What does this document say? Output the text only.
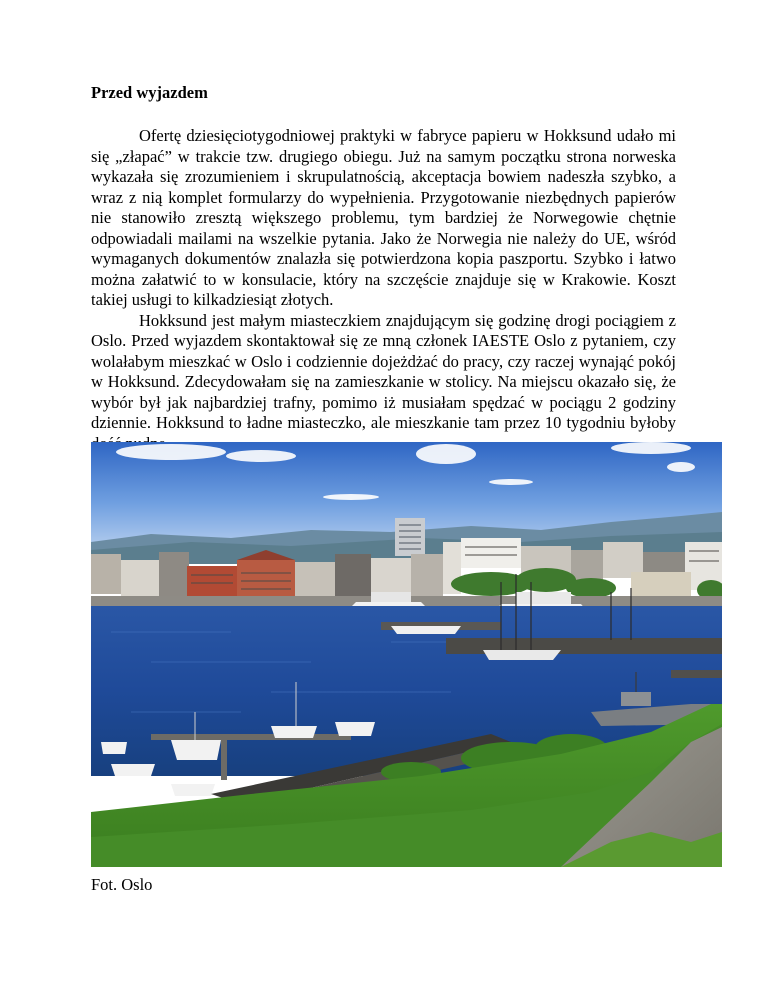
Przed wyjazdem

Ofertę dziesięciotygodniowej praktyki w fabryce papieru w Hokksund udało mi się „złapać” w trakcie tzw. drugiego obiegu. Już na samym początku strona norweska wykazała się zrozumieniem i skrupulatnością, akceptacja bowiem nadeszła szybko, a wraz z nią komplet formularzy do wypełnienia. Przygotowanie niezbędnych papierów nie stanowiło zresztą większego problemu, tym bardziej że Norwegowie chętnie odpowiadali mailami na wszelkie pytania. Jako że Norwegia nie należy do UE, wśród wymaganych dokumentów znalazła się potwierdzona kopia paszportu. Szybko i łatwo można załatwić to w konsulacie, który na szczęście znajduje się w Krakowie. Koszt takiej usługi to kilkadziesiąt złotych.

Hokksund jest małym miasteczkiem znajdującym się godzinę drogi pociągiem z Oslo. Przed wyjazdem skontaktował się ze mną członek IAESTE Oslo z pytaniem, czy wolałabym mieszkać w Oslo i codziennie dojeżdżać do pracy, czy raczej wynająć pokój w Hokksund. Zdecydowałam się na zamieszkanie w stolicy. Na miejscu okazało się, że wybór był jak najbardziej trafny, pomimo iż musiałam spędzać w pociągu 2 godziny dziennie. Hokksund to ładne miasteczko, ale mieszkanie tam przez 10 tygodniu byłoby

Fot. Oslo
